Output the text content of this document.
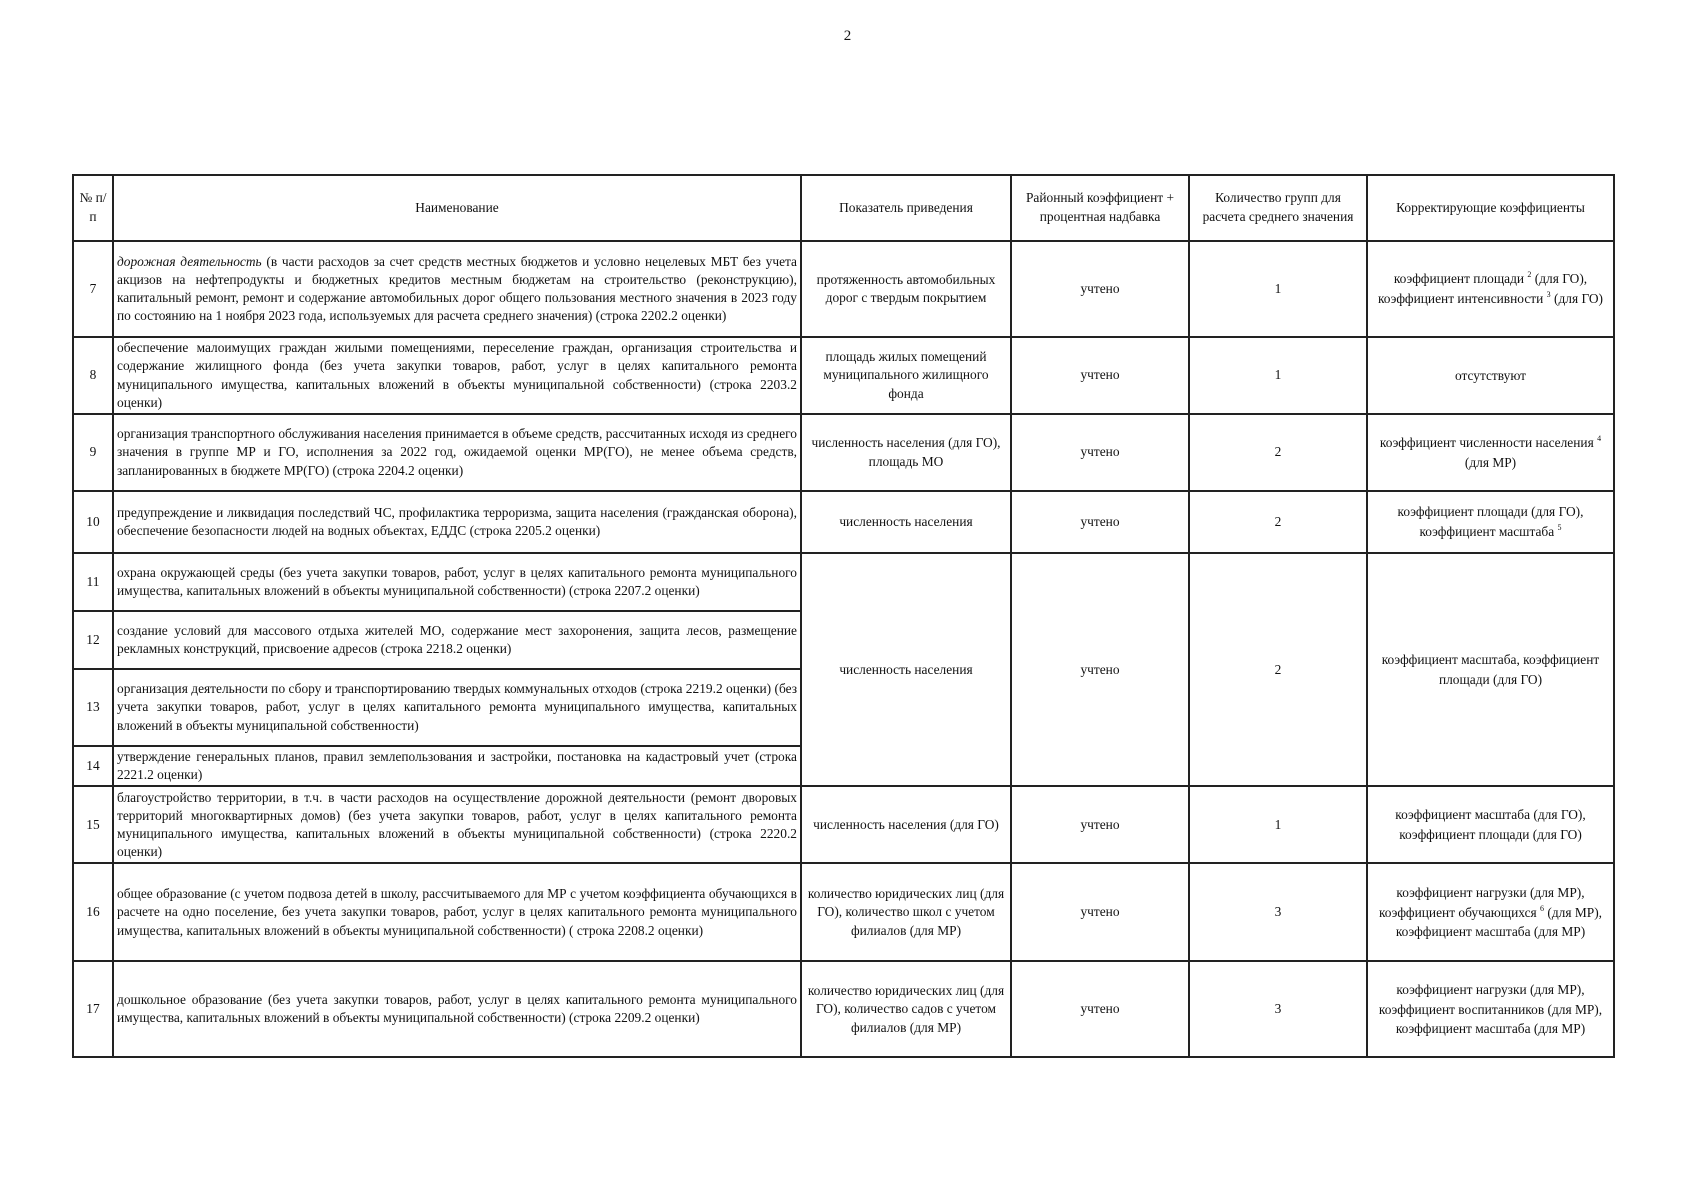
2
№ п/п	Наименование	Показатель приведения	Районный коэффициент + процентная надбавка	Количество групп для расчета среднего значения	Корректирующие коэффициенты
7	дорожная деятельность (в части расходов за счет средств местных бюджетов и условно нецелевых МБТ без учета акцизов на нефтепродукты и бюджетных кредитов местным бюджетам на строительство (реконструкцию), капитальный ремонт, ремонт и содержание автомобильных дорог общего пользования местного значения в 2023 году по состоянию на 1 ноября 2023 года, используемых для расчета среднего значения) (строка 2202.2 оценки)	протяженность автомобильных дорог с твердым покрытием	учтено	1	коэффициент площади $^2$ (для ГО), коэффициент интенсивности $^3$ (для ГО)
8	обеспечение малоимущих граждан жилыми помещениями, переселение граждан, организация строительства и содержание жилищного фонда (без учета закупки товаров, работ, услуг в целях капитального ремонта муниципального имущества, капитальных вложений в объекты муниципальной собственности) (строка 2203.2 оценки)	площадь жилых помещений муниципального жилищного фонда	учтено	1	отсутствуют
9	организация транспортного обслуживания населения принимается в объеме средств, рассчитанных исходя из среднего значения в группе МР и ГО, исполнения за 2022 год, ожидаемой оценки МР(ГО), не менее объема средств, запланированных в бюджете МР(ГО) (строка 2204.2 оценки)	численность населения (для ГО), площадь МО	учтено	2	коэффициент численности населения $^4$ (для МР)
10	предупреждение и ликвидация последствий ЧС, профилактика терроризма, защита населения (гражданская оборона), обеспечение безопасности людей на водных объектах, ЕДДС (строка 2205.2 оценки)	численность населения	учтено	2	коэффициент площади (для ГО), коэффициент масштаба $^5$
11	охрана окружающей среды (без учета закупки товаров, работ, услуг в целях капитального ремонта муниципального имущества, капитальных вложений в объекты муниципальной собственности) (строка 2207.2 оценки)	численность населения	учтено	2	коэффициент масштаба, коэффициент площади (для ГО)
12	создание условий для массового отдыха жителей МО, содержание мест захоронения, защита лесов, размещение рекламных конструкций, присвоение адресов (строка 2218.2 оценки)				
13	организация деятельности по сбору и транспортированию твердых коммунальных отходов (строка 2219.2 оценки) (без учета закупки товаров, работ, услуг в целях капитального ремонта муниципального имущества, капитальных вложений в объекты муниципальной собственности)				
14	утверждение генеральных планов, правил землепользования и застройки, постановка на кадастровый учет (строка 2221.2 оценки)				
15	благоустройство территории, в т.ч. в части расходов на осуществление дорожной деятельности (ремонт дворовых территорий многоквартирных домов) (без учета закупки товаров, работ, услуг в целях капитального ремонта муниципального имущества, капитальных вложений в объекты муниципальной собственности) (строка 2220.2 оценки)	численность населения (для ГО)	учтено	1	коэффициент масштаба (для ГО), коэффициент площади (для ГО)
16	общее образование (с учетом подвоза детей в школу, рассчитываемого для МР с учетом коэффициента обучающихся в расчете на одно поселение, без учета закупки товаров, работ, услуг в целях капитального ремонта муниципального имущества, капитальных вложений в объекты муниципальной собственности) ( строка 2208.2 оценки)	количество юридических лиц (для ГО), количество школ с учетом филиалов (для МР)	учтено	3	коэффициент нагрузки (для МР), коэффициент обучающихся $^6$ (для МР), коэффициент масштаба (для МР)
17	дошкольное образование (без учета закупки товаров, работ, услуг в целях капитального ремонта муниципального имущества, капитальных вложений в объекты муниципальной собственности) (строка 2209.2 оценки)	количество юридических лиц (для ГО), количество садов с учетом филиалов (для МР)	учтено	3	коэффициент нагрузки (для МР), коэффициент воспитанников (для МР), коэффициент масштаба (для МР)
